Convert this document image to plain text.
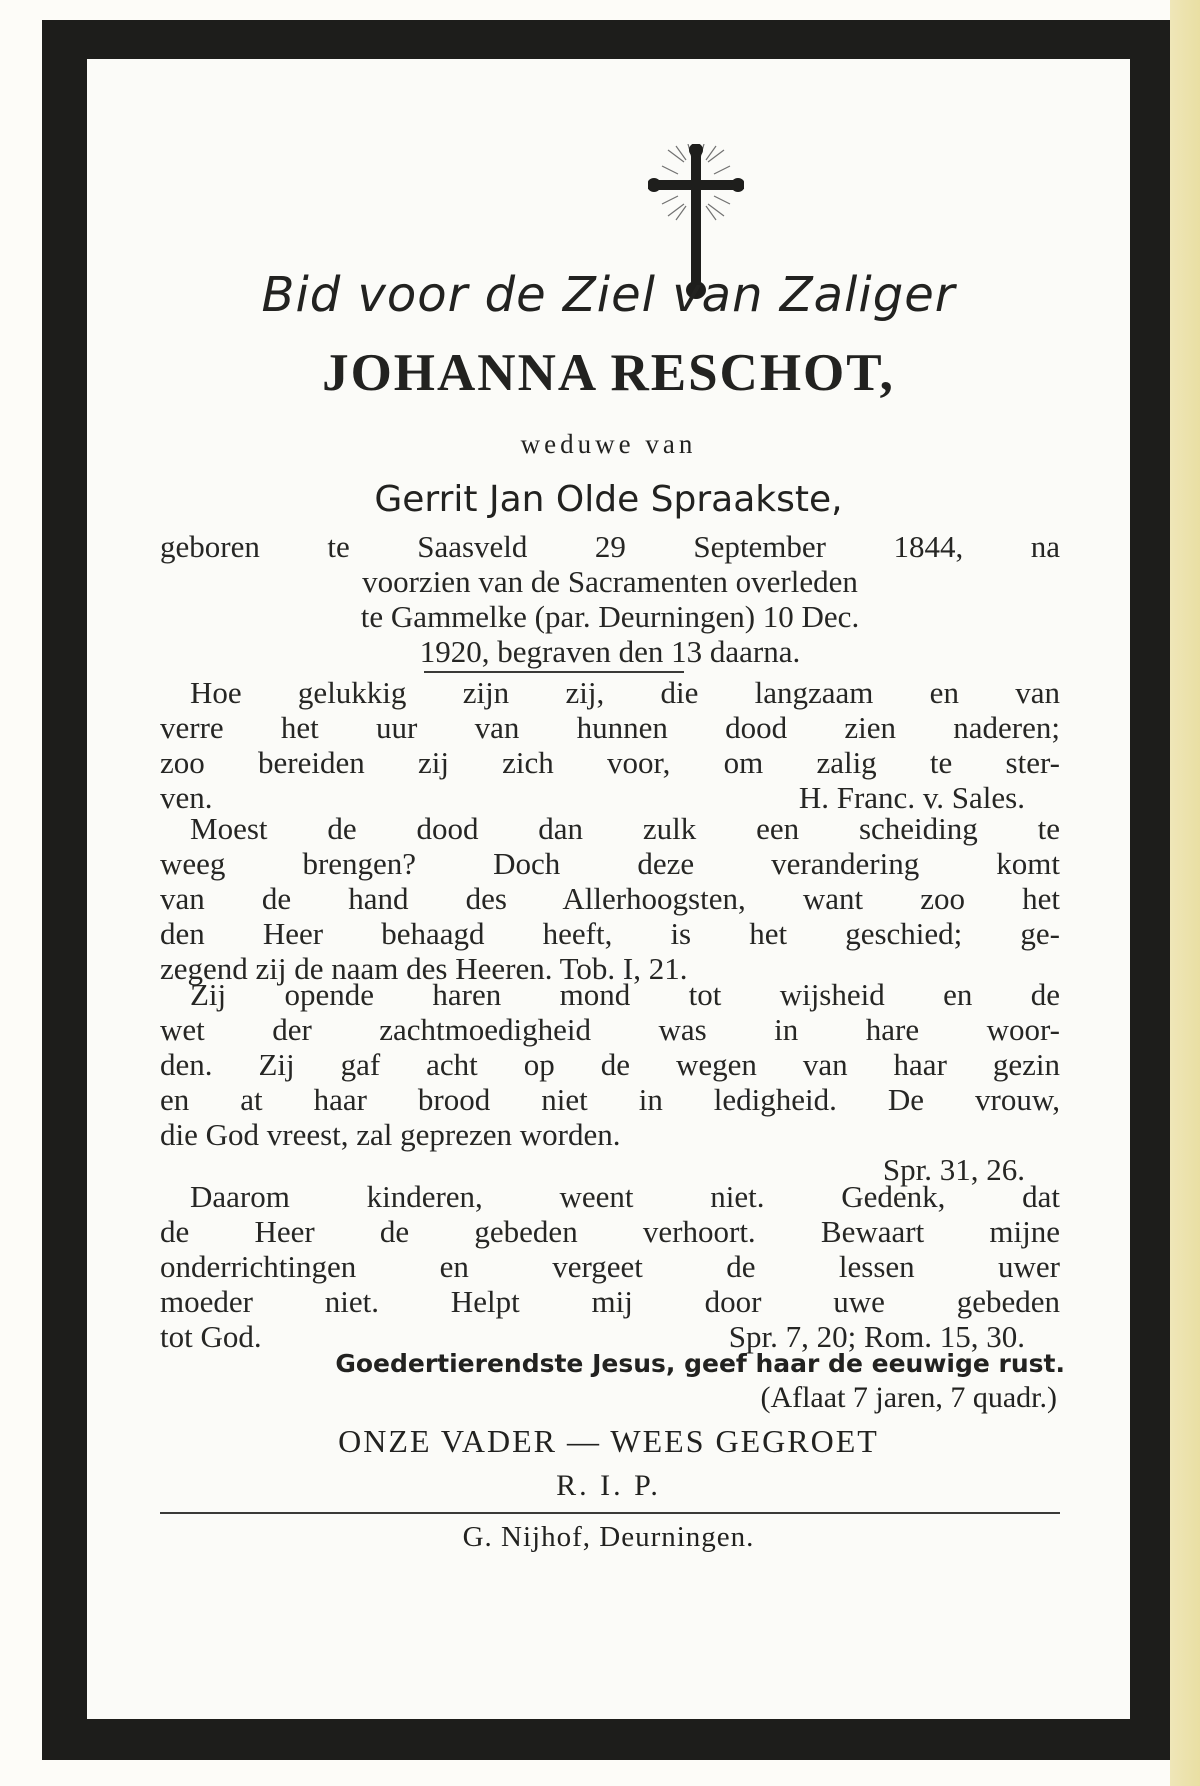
Bid voor de Ziel van Zaliger
JOHANNA RESCHOT,
weduwe van
Gerrit Jan Olde Spraakste,
geboren te Saasveld 29 September 1844, na
voorzien van de Sacramenten overleden
te Gammelke (par. Deurningen) 10 Dec.
1920, begraven den 13 daarna.
Hoe gelukkig zijn zij, die langzaam en van
verre het uur van hunnen dood zien naderen;
zoo bereiden zij zich voor, om zalig te ster-
ven.	H. Franc. v. Sales.
Moest de dood dan zulk een scheiding te
weeg brengen? Doch deze verandering komt
van de hand des Allerhoogsten, want zoo het
den Heer behaagd heeft, is het geschied; ge-
zegend zij de naam des Heeren. Tob. I, 21.
Zij opende haren mond tot wijsheid en de
wet der zachtmoedigheid was in hare woor-
den. Zij gaf acht op de wegen van haar gezin
en at haar brood niet in ledigheid. De vrouw,
die God vreest, zal geprezen worden.
Spr. 31, 26.
Daarom kinderen, weent niet. Gedenk, dat
de Heer de gebeden verhoort. Bewaart mijne
onderrichtingen en vergeet de lessen uwer
moeder niet. Helpt mij door uwe gebeden
tot God.	Spr. 7, 20; Rom. 15, 30.
Goedertierendste Jesus, geef haar de eeuwige rust.
(Aflaat 7 jaren, 7 quadr.)
ONZE VADER — WEES GEGROET
R. I. P.
G. Nijhof, Deurningen.
